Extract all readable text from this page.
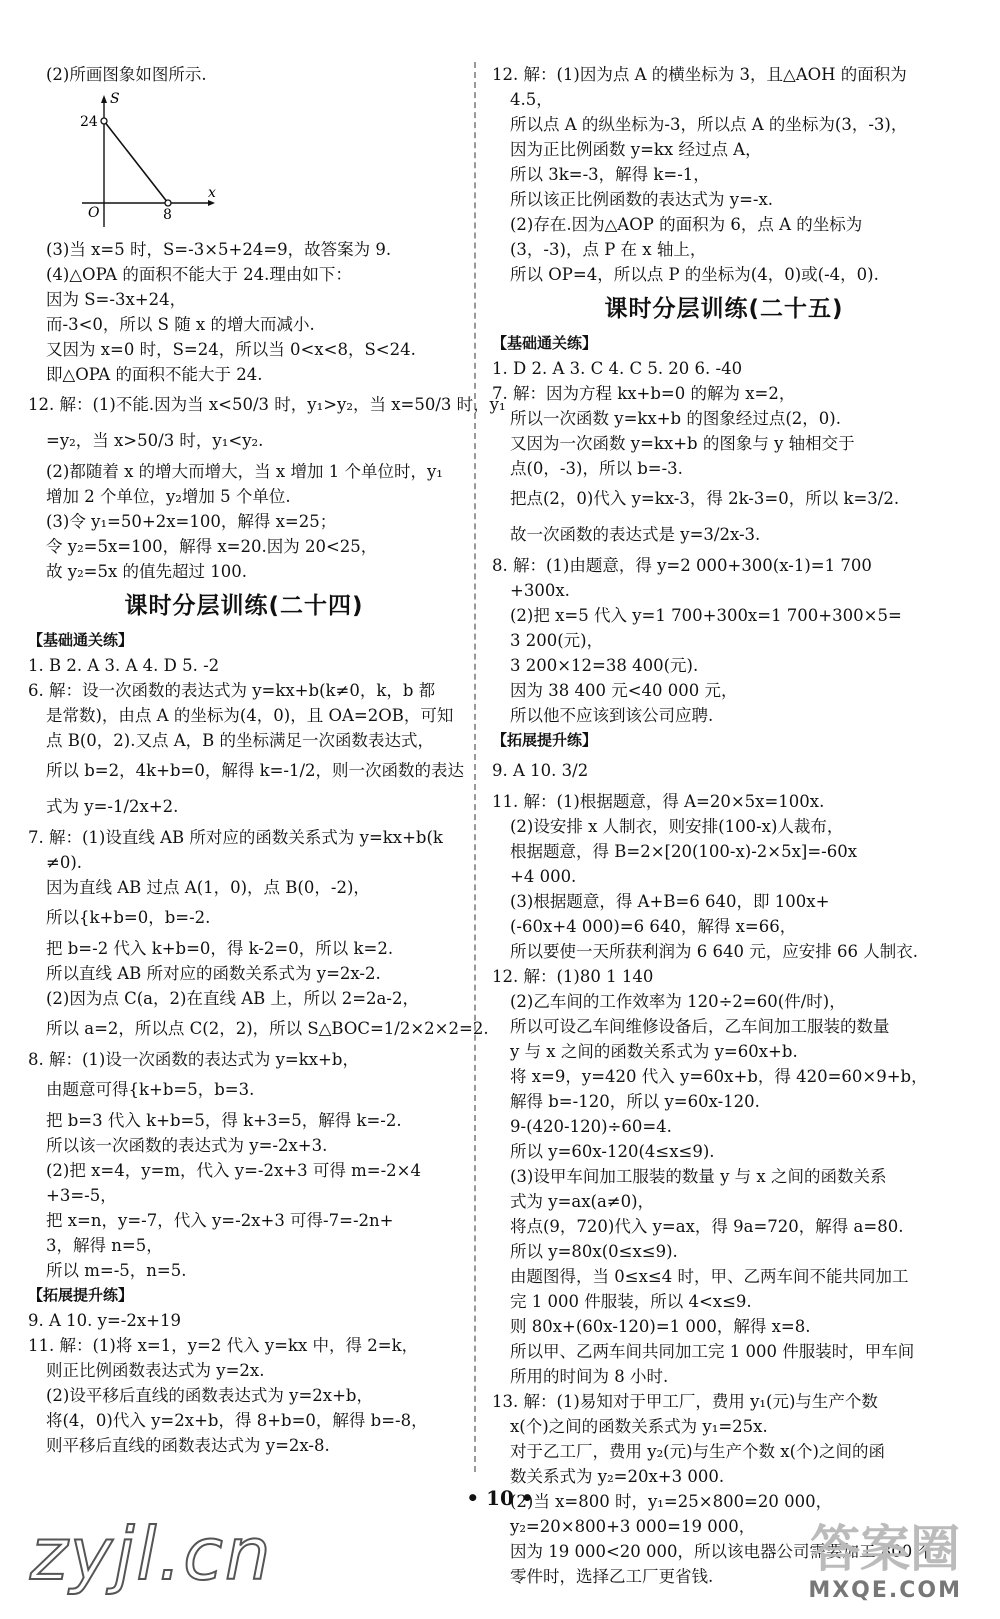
(2)所画图象如图所示.
S
x
O
24
8
(3)当 x=5 时，S=-3×5+24=9，故答案为 9.
(4)△OPA 的面积不能大于 24.理由如下：
因为 S=-3x+24，
而-3<0，所以 S 随 x 的增大而减小.
又因为 x=0 时，S=24，所以当 0<x<8，S<24.
即△OPA 的面积不能大于 24.
12. 解：(1)不能.因为当 x<50/3 时，y₁>y₂，当 x=50/3 时，y₁
=y₂，当 x>50/3 时，y₁<y₂.
(2)都随着 x 的增大而增大，当 x 增加 1 个单位时，y₁
增加 2 个单位，y₂增加 5 个单位.
(3)令 y₁=50+2x=100，解得 x=25；
令 y₂=5x=100，解得 x=20.因为 20<25，
故 y₂=5x 的值先超过 100.
课时分层训练(二十四)
【基础通关练】
1. B 2. A 3. A 4. D 5. -2
6. 解：设一次函数的表达式为 y=kx+b(k≠0，k，b 都
是常数)，由点 A 的坐标为(4，0)，且 OA=2OB，可知
点 B(0，2).又点 A，B 的坐标满足一次函数表达式，
所以 b=2，4k+b=0，解得 k=-1/2，则一次函数的表达
式为 y=-1/2x+2.
7. 解：(1)设直线 AB 所对应的函数关系式为 y=kx+b(k
≠0).
因为直线 AB 过点 A(1，0)，点 B(0，-2)，
所以{k+b=0，b=-2.
把 b=-2 代入 k+b=0，得 k-2=0，所以 k=2.
所以直线 AB 所对应的函数关系式为 y=2x-2.
(2)因为点 C(a，2)在直线 AB 上，所以 2=2a-2，
所以 a=2，所以点 C(2，2)，所以 S△BOC=1/2×2×2=2.
8. 解：(1)设一次函数的表达式为 y=kx+b，
由题意可得{k+b=5，b=3.
把 b=3 代入 k+b=5，得 k+3=5，解得 k=-2.
所以该一次函数的表达式为 y=-2x+3.
(2)把 x=4，y=m，代入 y=-2x+3 可得 m=-2×4
+3=-5，
把 x=n，y=-7，代入 y=-2x+3 可得-7=-2n+
3，解得 n=5，
所以 m=-5，n=5.
【拓展提升练】
9. A 10. y=-2x+19
11. 解：(1)将 x=1，y=2 代入 y=kx 中，得 2=k，
则正比例函数表达式为 y=2x.
(2)设平移后直线的函数表达式为 y=2x+b，
将(4，0)代入 y=2x+b，得 8+b=0，解得 b=-8，
则平移后直线的函数表达式为 y=2x-8.
12. 解：(1)因为点 A 的横坐标为 3，且△AOH 的面积为
4.5，
所以点 A 的纵坐标为-3，所以点 A 的坐标为(3，-3)，
因为正比例函数 y=kx 经过点 A，
所以 3k=-3，解得 k=-1，
所以该正比例函数的表达式为 y=-x.
(2)存在.因为△AOP 的面积为 6，点 A 的坐标为
(3，-3)，点 P 在 x 轴上，
所以 OP=4，所以点 P 的坐标为(4，0)或(-4，0).
课时分层训练(二十五)
【基础通关练】
1. D 2. A 3. C 4. C 5. 20 6. -40
7. 解：因为方程 kx+b=0 的解为 x=2，
所以一次函数 y=kx+b 的图象经过点(2，0).
又因为一次函数 y=kx+b 的图象与 y 轴相交于
点(0，-3)，所以 b=-3.
把点(2，0)代入 y=kx-3，得 2k-3=0，所以 k=3/2.
故一次函数的表达式是 y=3/2x-3.
8. 解：(1)由题意，得 y=2 000+300(x-1)=1 700
+300x.
(2)把 x=5 代入 y=1 700+300x=1 700+300×5=
3 200(元)，
3 200×12=38 400(元).
因为 38 400 元<40 000 元，
所以他不应该到该公司应聘.
【拓展提升练】
9. A 10. 3/2
11. 解：(1)根据题意，得 A=20×5x=100x.
(2)设安排 x 人制衣，则安排(100-x)人裁布，
根据题意，得 B=2×[20(100-x)-2×5x]=-60x
+4 000.
(3)根据题意，得 A+B=6 640，即 100x+
(-60x+4 000)=6 640，解得 x=66，
所以要使一天所获利润为 6 640 元，应安排 66 人制衣.
12. 解：(1)80 1 140
(2)乙车间的工作效率为 120÷2=60(件/时)，
所以可设乙车间维修设备后，乙车间加工服装的数量
y 与 x 之间的函数关系式为 y=60x+b.
将 x=9，y=420 代入 y=60x+b，得 420=60×9+b，
解得 b=-120，所以 y=60x-120.
9-(420-120)÷60=4.
所以 y=60x-120(4≤x≤9).
(3)设甲车间加工服装的数量 y 与 x 之间的函数关系
式为 y=ax(a≠0)，
将点(9，720)代入 y=ax，得 9a=720，解得 a=80.
所以 y=80x(0≤x≤9).
由题图得，当 0≤x≤4 时，甲、乙两车间不能共同加工
完 1 000 件服装，所以 4<x≤9.
则 80x+(60x-120)=1 000，解得 x=8.
所以甲、乙两车间共同加工完 1 000 件服装时，甲车间
所用的时间为 8 小时.
13. 解：(1)易知对于甲工厂，费用 y₁(元)与生产个数
x(个)之间的函数关系式为 y₁=25x.
对于乙工厂，费用 y₂(元)与生产个数 x(个)之间的函
数关系式为 y₂=20x+3 000.
(2)当 x=800 时，y₁=25×800=20 000，
y₂=20×800+3 000=19 000，
因为 19 000<20 000，所以该电器公司需要加工 800 个
零件时，选择乙工厂更省钱.
• 10 •
zyjl.cn	答案圈
MXQE.COM
